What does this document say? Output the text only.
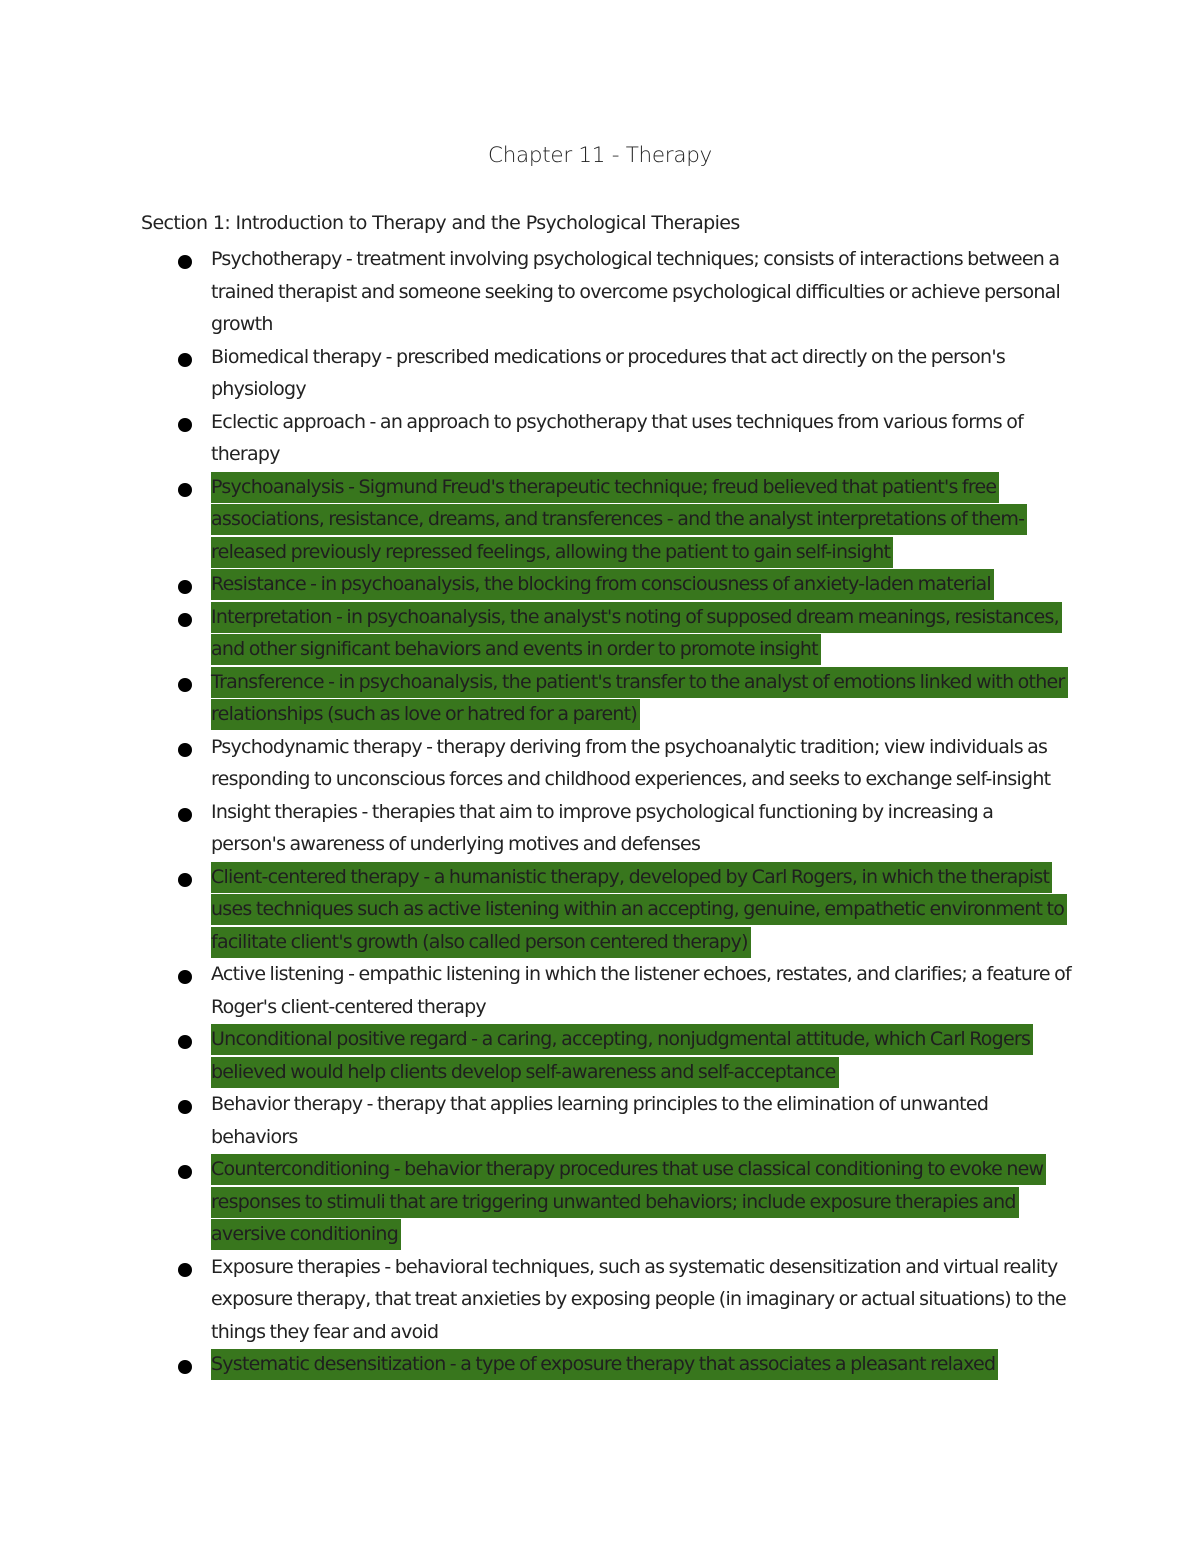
Chapter 11 - Therapy
Section 1: Introduction to Therapy and the Psychological Therapies
Psychotherapy - treatment involving psychological techniques; consists of interactions between a trained therapist and someone seeking to overcome psychological difficulties or achieve personal growth
Biomedical therapy - prescribed medications or procedures that act directly on the person's physiology
Eclectic approach - an approach to psychotherapy that uses techniques from various forms of therapy
Psychoanalysis - Sigmund Freud's therapeutic technique; freud believed that patient's free associations, resistance, dreams, and transferences - and the analyst interpretations of them- released previously repressed feelings, allowing the patient to gain self-insight
Resistance - in psychoanalysis, the blocking from consciousness of anxiety-laden material
Interpretation - in psychoanalysis, the analyst's noting of supposed dream meanings, resistances, and other significant behaviors and events in order to promote insight
Transference - in psychoanalysis, the patient's transfer to the analyst of emotions linked with other relationships (such as love or hatred for a parent)
Psychodynamic therapy - therapy deriving from the psychoanalytic tradition; view individuals as responding to unconscious forces and childhood experiences, and seeks to exchange self-insight
Insight therapies - therapies that aim to improve psychological functioning by increasing a person's awareness of underlying motives and defenses
Client-centered therapy - a humanistic therapy, developed by Carl Rogers, in which the therapist uses techniques such as active listening within an accepting, genuine, empathetic environment to facilitate client's growth (also called person centered therapy)
Active listening - empathic listening in which the listener echoes, restates, and clarifies; a feature of Roger's client-centered therapy
Unconditional positive regard - a caring, accepting, nonjudgmental attitude, which Carl Rogers believed would help clients develop self-awareness and self-acceptance
Behavior therapy - therapy that applies learning principles to the elimination of unwanted behaviors
Counterconditioning - behavior therapy procedures that use classical conditioning to evoke new responses to stimuli that are triggering unwanted behaviors; include exposure therapies and aversive conditioning
Exposure therapies - behavioral techniques, such as systematic desensitization and virtual reality exposure therapy, that treat anxieties by exposing people (in imaginary or actual situations) to the things they fear and avoid
Systematic desensitization - a type of exposure therapy that associates a pleasant relaxed
